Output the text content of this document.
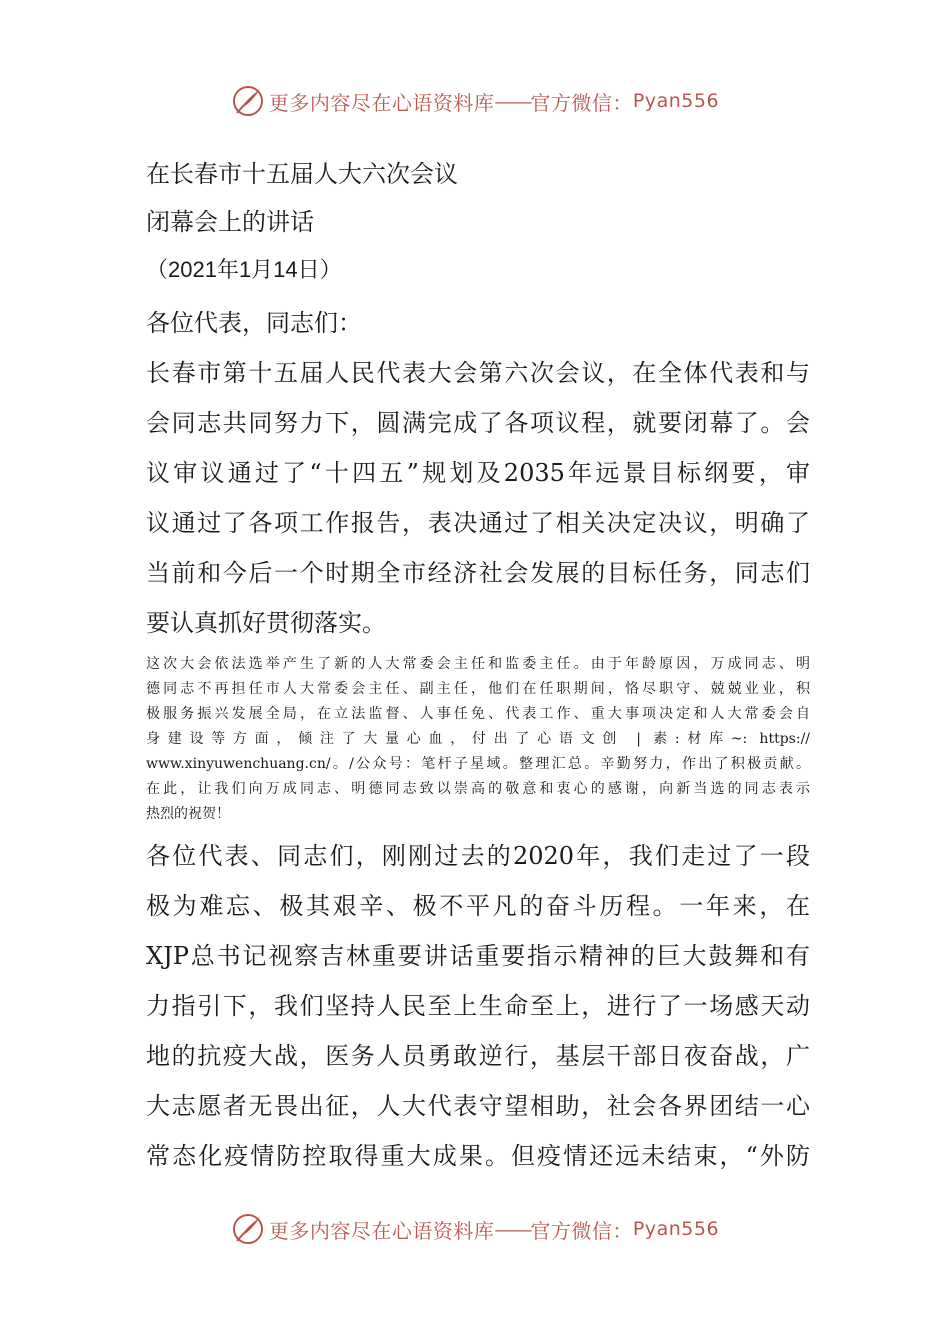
更多内容尽在心语资料库 —— 官方微信： Pyan556
在长春市十五届人大六次会议
闭幕会上的讲话
（2021年1月14日）
各位代表，同志们：
长春市第十五届人民代表大会第六次会议，在全体代表和与
会同志共同努力下，圆满完成了各项议程，就要闭幕了。会
议审议通过了“十四五”规划及2035年远景目标纲要，审
议通过了各项工作报告，表决通过了相关决定决议，明确了
当前和今后一个时期全市经济社会发展的目标任务，同志们
要认真抓好贯彻落实。
这次大会依法选举产生了新的人大常委会主任和监委主任。由于年龄原因，万成同志、明
德同志不再担任市人大常委会主任、副主任，他们在任职期间，恪尽职守、兢兢业业，积
极服务振兴发展全局，在立法监督、人事任免、代表工作、重大事项决定和人大常委会自
身建设等方面，倾注了大量心血，付出了心语文创 | 素:材库~: https://
www.xinyuwenchuang.cn/。/公众号：笔杆子星域。整理汇总。辛勤努力，作出了积极贡献。
在此，让我们向万成同志、明德同志致以崇高的敬意和衷心的感谢，向新当选的同志表示
热烈的祝贺！
各位代表、同志们，刚刚过去的2020年，我们走过了一段
极为难忘、极其艰辛、极不平凡的奋斗历程。一年来，在
XJP总书记视察吉林重要讲话重要指示精神的巨大鼓舞和有
力指引下，我们坚持人民至上生命至上，进行了一场感天动
地的抗疫大战，医务人员勇敢逆行，基层干部日夜奋战，广
大志愿者无畏出征，人大代表守望相助，社会各界团结一心
常态化疫情防控取得重大成果。但疫情还远未结束，“外防
更多内容尽在心语资料库 —— 官方微信： Pyan556
